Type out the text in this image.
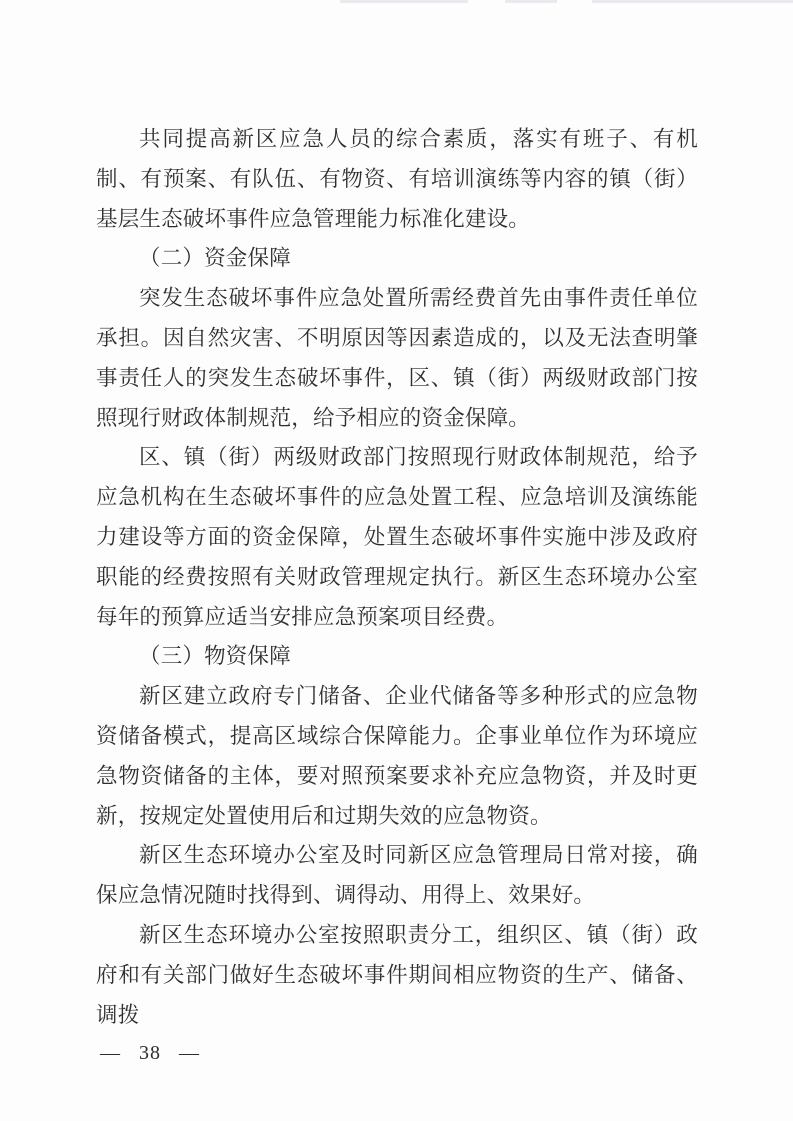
共同提高新区应急人员的综合素质，落实有班子、有机制、有预案、有队伍、有物资、有培训演练等内容的镇（街）基层生态破坏事件应急管理能力标准化建设。

（二）资金保障

突发生态破坏事件应急处置所需经费首先由事件责任单位承担。因自然灾害、不明原因等因素造成的，以及无法查明肇事责任人的突发生态破坏事件，区、镇（街）两级财政部门按照现行财政体制规范，给予相应的资金保障。

区、镇（街）两级财政部门按照现行财政体制规范，给予应急机构在生态破坏事件的应急处置工程、应急培训及演练能力建设等方面的资金保障，处置生态破坏事件实施中涉及政府职能的经费按照有关财政管理规定执行。新区生态环境办公室每年的预算应适当安排应急预案项目经费。

（三）物资保障

新区建立政府专门储备、企业代储备等多种形式的应急物资储备模式，提高区域综合保障能力。企事业单位作为环境应急物资储备的主体，要对照预案要求补充应急物资，并及时更新，按规定处置使用后和过期失效的应急物资。

新区生态环境办公室及时同新区应急管理局日常对接，确保应急情况随时找得到、调得动、用得上、效果好。

新区生态环境办公室按照职责分工，组织区、镇（街）政府和有关部门做好生态破坏事件期间相应物资的生产、储备、调拨

— 38 —
